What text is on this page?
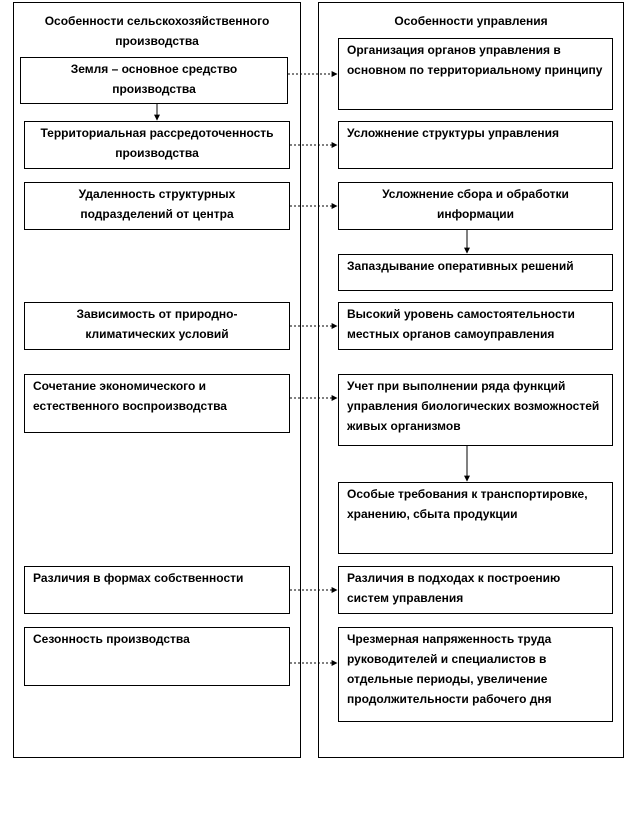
Особенности сельскохозяйственного производства
Особенности управления
Земля – основное средство производства
Территориальная рассредоточенность производства
Удаленность структурных подразделений от центра
Зависимость от природно-климатических условий
Сочетание экономического и естественного воспроизводства
Различия в формах собственности
Сезонность производства
Организация органов управления в основном по территориальному принципу
Усложнение структуры управления
Усложнение сбора и обработки информации
Запаздывание оперативных решений
Высокий уровень самостоятельности местных органов самоуправления
Учет при выполнении ряда функций управления биологических возможностей живых организмов
Особые требования к транспортировке, хранению, сбыта продукции
Различия в подходах к построению систем управления
Чрезмерная напряженность труда руководителей и специалистов в отдельные периоды, увеличение продолжительности рабочего дня
